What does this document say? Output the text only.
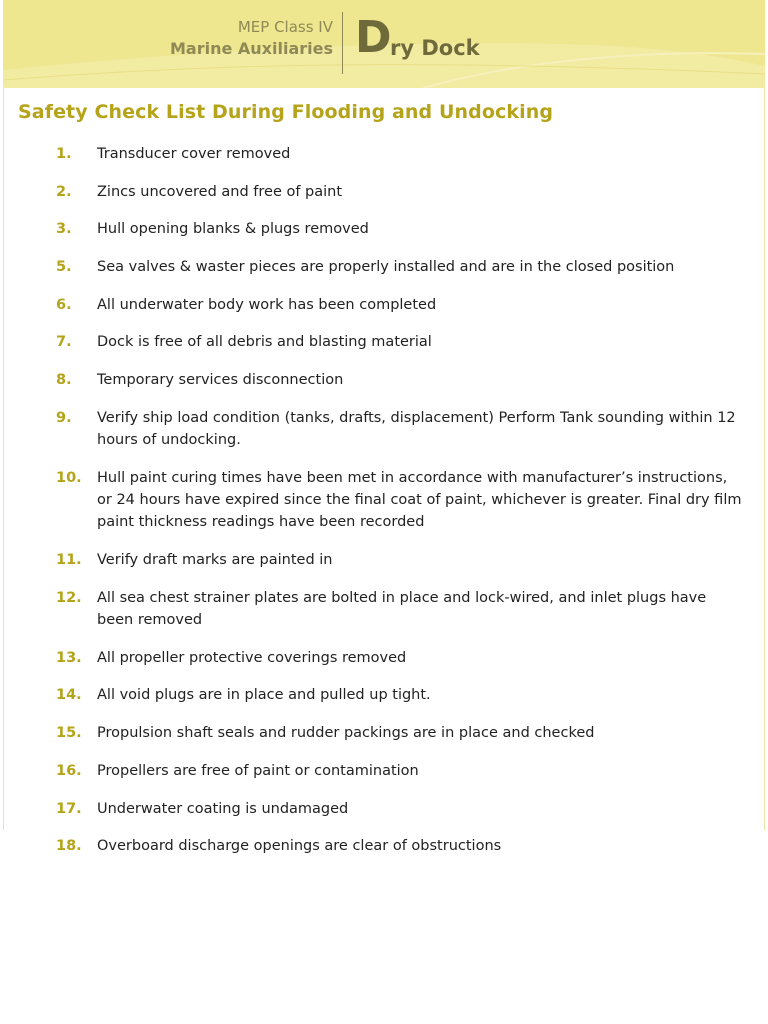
MEP Class IV
Marine Auxiliaries D
ry Dock
Safety Check List During Flooding and Undocking
1.	Transducer cover removed
2.	Zincs uncovered and free of paint
3.	Hull opening blanks & plugs removed
5.	Sea valves & waster pieces are properly installed and are in the closed position
6.	All underwater body work has been completed
7.	Dock is free of all debris and blasting material
8.	Temporary services disconnection
9.	Verify ship load condition (tanks, drafts, displacement) Perform Tank sounding within 12 hours of undocking.
10.	Hull paint curing times have been met in accordance with manufacturer’s instructions, or 24 hours have expired since the final coat of paint, whichever is greater. Final dry film paint thickness readings have been recorded
11.	Verify draft marks are painted in
12.	All sea chest strainer plates are bolted in place and lock-wired, and inlet plugs have been removed
13.	All propeller protective coverings removed
14.	All void plugs are in place and pulled up tight.
15.	Propulsion shaft seals and rudder packings are in place and checked
16.	Propellers are free of paint or contamination
17.	Underwater coating is undamaged
18.	Overboard discharge openings are clear of obstructions
